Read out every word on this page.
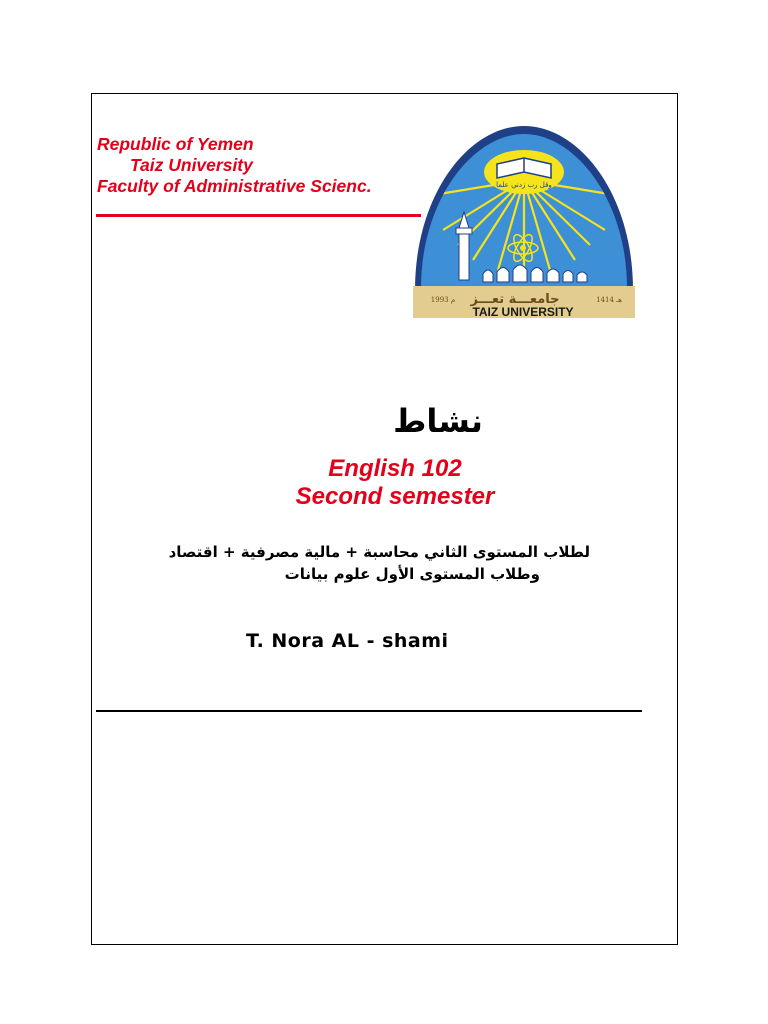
Republic of Yemen
Taiz University
Faculty of Administrative Scienc.	وقل رب زدني علما
جامعـــة تعـــز
1993 م	1414 هـ
TAIZ UNIVERSITY
نشاط
English 102
Second semester
لطلاب المستوى الثاني محاسبة + مالية مصرفية + اقتصاد
وطلاب المستوى الأول علوم بيانات
T. Nora AL - shami
